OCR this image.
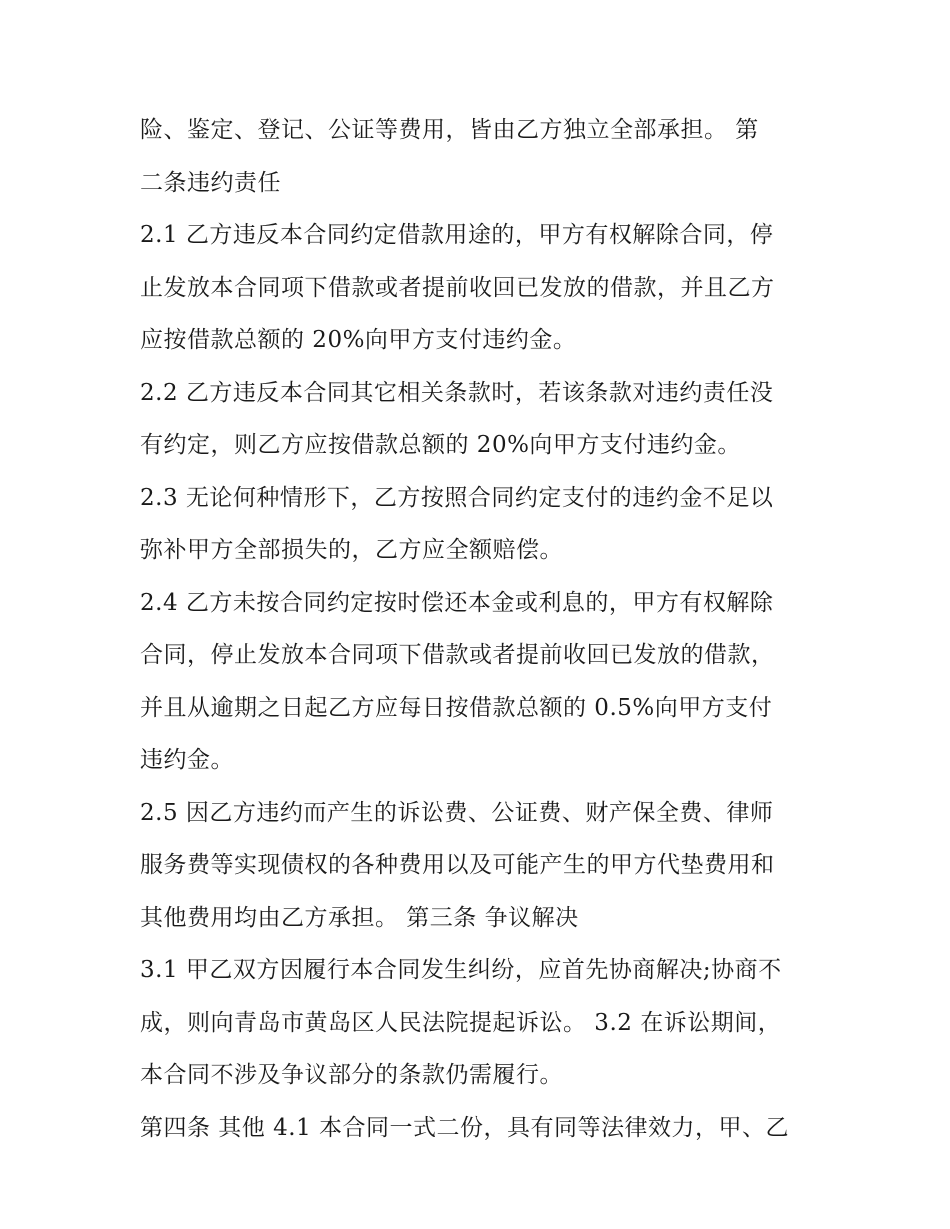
险、鉴定、登记、公证等费用，皆由乙方独立全部承担。 第
二条违约责任
2.1 乙方违反本合同约定借款用途的，甲方有权解除合同，停
止发放本合同项下借款或者提前收回已发放的借款，并且乙方
应按借款总额的 20%向甲方支付违约金。
2.2 乙方违反本合同其它相关条款时，若该条款对违约责任没
有约定，则乙方应按借款总额的 20%向甲方支付违约金。
2.3 无论何种情形下，乙方按照合同约定支付的违约金不足以
弥补甲方全部损失的，乙方应全额赔偿。
2.4 乙方未按合同约定按时偿还本金或利息的，甲方有权解除
合同，停止发放本合同项下借款或者提前收回已发放的借款，
并且从逾期之日起乙方应每日按借款总额的 0.5%向甲方支付
违约金。
2.5 因乙方违约而产生的诉讼费、公证费、财产保全费、律师
服务费等实现债权的各种费用以及可能产生的甲方代垫费用和
其他费用均由乙方承担。 第三条 争议解决
3.1 甲乙双方因履行本合同发生纠纷，应首先协商解决;协商不
成，则向青岛市黄岛区人民法院提起诉讼。 3.2 在诉讼期间，
本合同不涉及争议部分的条款仍需履行。
第四条 其他 4.1 本合同一式二份，具有同等法律效力，甲、乙
